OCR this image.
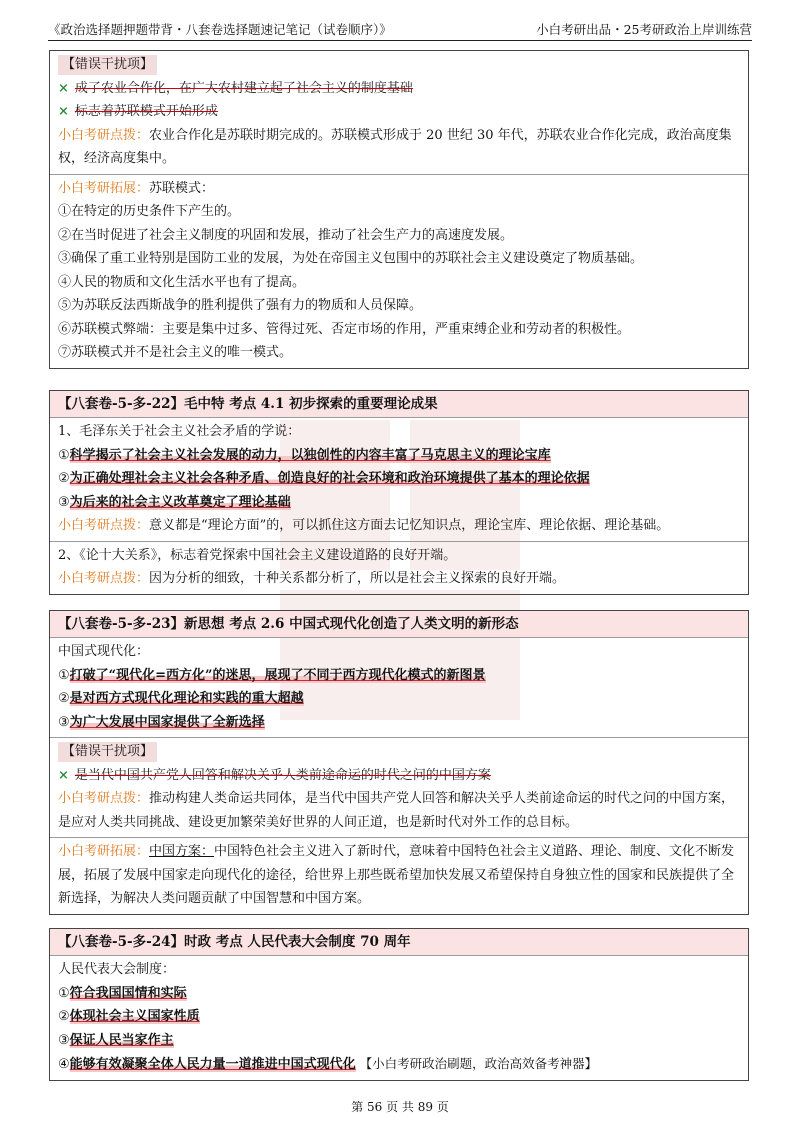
《政治选择题押题带背・八套卷选择题速记笔记（试卷顺序）》	小白考研出品・25考研政治上岸训练营
【错误干扰项】
× 成了农业合作化，在广大农村建立起了社会主义的制度基础
× 标志着苏联模式开始形成
小白考研点拨：农业合作化是苏联时期完成的。苏联模式形成于 20 世纪 30 年代，苏联农业合作化完成，政治高度集权，经济高度集中。
小白考研拓展：苏联模式：
①在特定的历史条件下产生的。
②在当时促进了社会主义制度的巩固和发展，推动了社会生产力的高速度发展。
③确保了重工业特别是国防工业的发展，为处在帝国主义包围中的苏联社会主义建设奠定了物质基础。
④人民的物质和文化生活水平也有了提高。
⑤为苏联反法西斯战争的胜利提供了强有力的物质和人员保障。
⑥苏联模式弊端：主要是集中过多、管得过死、否定市场的作用，严重束缚企业和劳动者的积极性。
⑦苏联模式并不是社会主义的唯一模式。
【八套卷-5-多-22】毛中特 考点 4.1 初步探索的重要理论成果
1、毛泽东关于社会主义社会矛盾的学说：
①科学揭示了社会主义社会发展的动力，以独创性的内容丰富了马克思主义的理论宝库
②为正确处理社会主义社会各种矛盾、创造良好的社会环境和政治环境提供了基本的理论依据
③为后来的社会主义改革奠定了理论基础
小白考研点拨：意义都是“理论方面”的，可以抓住这方面去记忆知识点，理论宝库、理论依据、理论基础。
2、《论十大关系》，标志着党探索中国社会主义建设道路的良好开端。
小白考研点拨：因为分析的细致，十种关系都分析了，所以是社会主义探索的良好开端。
【八套卷-5-多-23】新思想 考点 2.6 中国式现代化创造了人类文明的新形态
中国式现代化：
①打破了“现代化=西方化”的迷思，展现了不同于西方现代化模式的新图景
②是对西方式现代化理论和实践的重大超越
③为广大发展中国家提供了全新选择
【错误干扰项】
× 是当代中国共产党人回答和解决关乎人类前途命运的时代之问的中国方案
小白考研点拨：推动构建人类命运共同体，是当代中国共产党人回答和解决关乎人类前途命运的时代之问的中国方案，是应对人类共同挑战、建设更加繁荣美好世界的人间正道，也是新时代对外工作的总目标。
小白考研拓展：中国方案：中国特色社会主义进入了新时代，意味着中国特色社会主义道路、理论、制度、文化不断发展，拓展了发展中国家走向现代化的途径，给世界上那些既希望加快发展又希望保持自身独立性的国家和民族提供了全新选择，为解决人类问题贡献了中国智慧和中国方案。
【八套卷-5-多-24】时政 考点 人民代表大会制度 70 周年
人民代表大会制度：
①符合我国国情和实际
②体现社会主义国家性质
③保证人民当家作主
④能够有效凝聚全体人民力量一道推进中国式现代化 【小白考研政治刷题，政治高效备考神器】
第 56 页 共 89 页
